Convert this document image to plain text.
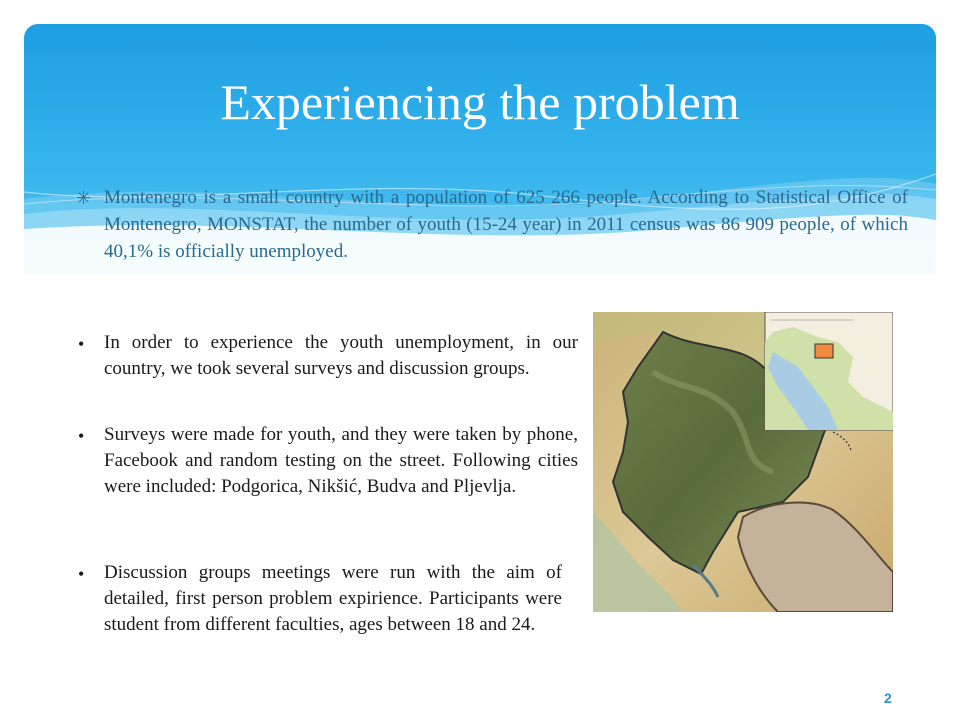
Experiencing the problem
✳ Montenegro is a small country with a population of 625 266 people. According to Statistical Office of Montenegro, MONSTAT, the number of youth (15-24 year) in 2011 census was 86 909 people, of which 40,1% is officially unemployed.
• In order to experience the youth unemployment, in our country, we took several surveys and discussion groups.
• Surveys were made for youth, and they were taken by phone, Facebook and random testing on the street. Following cities were included: Podgorica, Nikšić, Budva and Pljevlja.
• Discussion groups meetings were run with the aim of detailed, first person problem expirience. Participants were student from different faculties, ages between 18 and 24.
2
